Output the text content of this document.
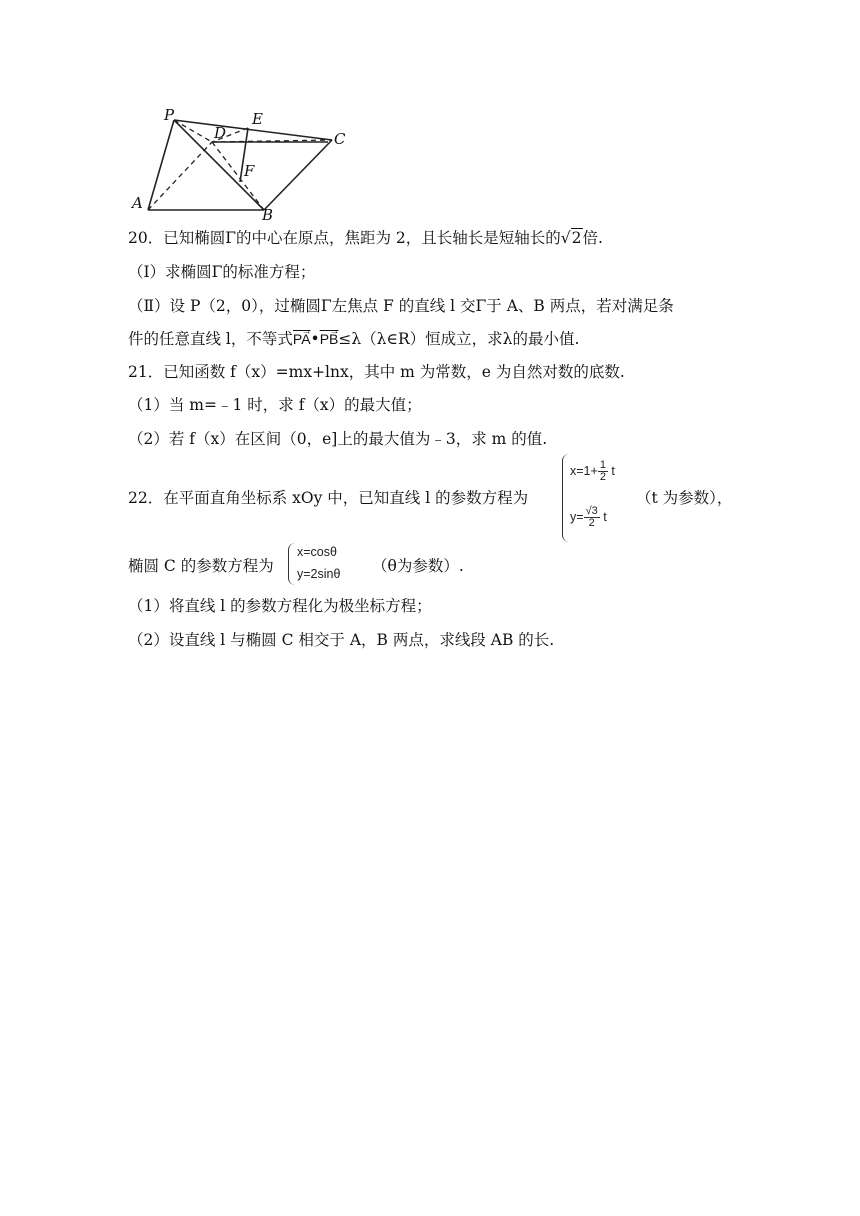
P	E
D	C
F
A
B
20．已知椭圆Γ的中心在原点，焦距为 2，且长轴长是短轴长的√2倍.
（Ⅰ）求椭圆Γ的标准方程；
（Ⅱ）设 P（2，0），过椭圆Γ左焦点 F 的直线 l 交Γ于 A、B 两点，若对满足条
件的任意直线 l，不等式→ $\overline{PA}•\to$ $\overline{PB}\le\lambda(\lambda\in R)$恒成立，求λ的最小值.
21．已知函数 f（x）=mx+lnx，其中 m 为常数，e 为自然对数的底数.
（1）当 m=﹣1 时，求 f（x）的最大值；
（2）若 f（x）在区间（0，e]上的最大值为﹣3，求 m 的值.
22．在平面直角坐标系 xOy 中，已知直线 l 的参数方程为
$x=1+ \frac{1}{2}$ t
$y= \frac{√3}{2}$ t
（t 为参数），
椭圆 C 的参数方程为
x=cosθ
y=2sinθ （θ为参数）.
（1）将直线 l 的参数方程化为极坐标方程；
（2）设直线 l 与椭圆 C 相交于 A，B 两点，求线段 AB 的长.
